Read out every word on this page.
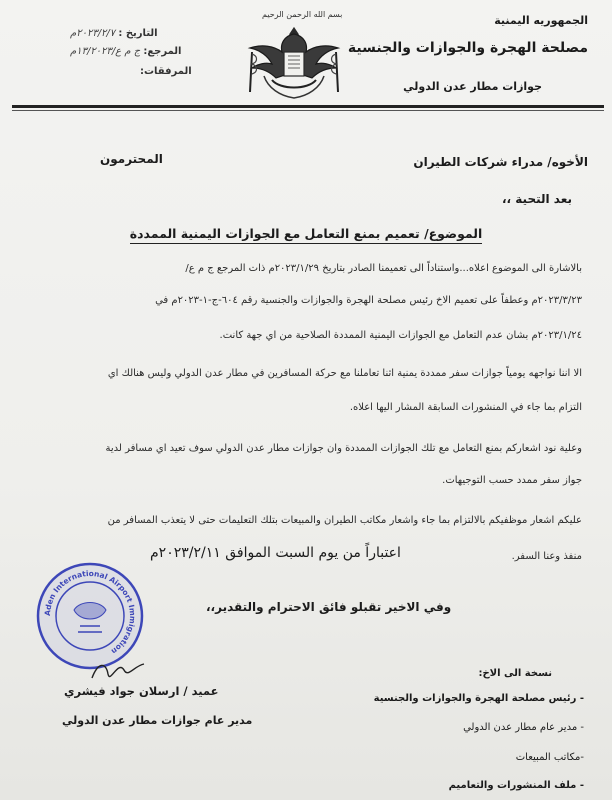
الجمهوريه اليمنية
مصلحة الهجرة والجوازات والجنسية
جوازات مطار عدن الدولي
بسم الله الرحمن الرحيم
التاريخ : ٢٠٢٣/٢/٧م
المرجع: ج م ع/١٣/٢٠٢٣م
المرفقات:
المحترمون	الأخوه/ مدراء شركات الطيران
بعد التحية ،،
الموضوع/ تعميم بمنع التعامل مع الجوازات اليمنية الممددة
بالاشارة الى الموضوع اعلاه...واستناداً الى تعميمنا الصادر بتاريخ ٢٠٢٣/١/٢٩م ذات المرجع ج م ع/
٢٠٢٣/٣/٢٣م وعطفاً على تعميم الاخ رئيس مصلحة الهجرة والجوازات والجنسية رقم ٦٠٤-ج-١-٢٠٢٣م في
٢٠٢٣/١/٢٤م بشان عدم التعامل مع الجوازات اليمنية الممددة الصلاحية من اي جهة كانت.
الا اننا نواجهه يومياً جوازات سفر ممددة يمنية اثنا تعاملنا مع حركة المسافرين في مطار عدن الدولي وليس هنالك اي
التزام بما جاء في المنشورات السابقة المشار اليها اعلاه.
وعلية نود اشعاركم بمنع التعامل مع تلك الجوازات الممددة وان جوازات مطار عدن الدولي سوف تعيد اي مسافر لدية
جواز سفر ممدد حسب التوجيهات.
عليكم اشعار موظفيكم بالالتزام بما جاء واشعار مكاتب الطيران والمبيعات بتلك التعليمات حتى لا يتعذب المسافر من
منفذ وعنا السفر.
اعتباراً من يوم السبت الموافق ٢٠٢٣/٢/١١م
وفي الاخير تقبلو فائق الاحترام والتقدير،،
Aden International Airport Immigration
عميد / ارسلان جواد فيشري
مدير عام جوازات مطار عدن الدولي
نسخة الى الاخ:
- رئيس مصلحة الهجرة والجوازات والجنسية
- مدير عام مطار عدن الدولي
-مكاتب المبيعات
- ملف المنشورات والتعاميم
